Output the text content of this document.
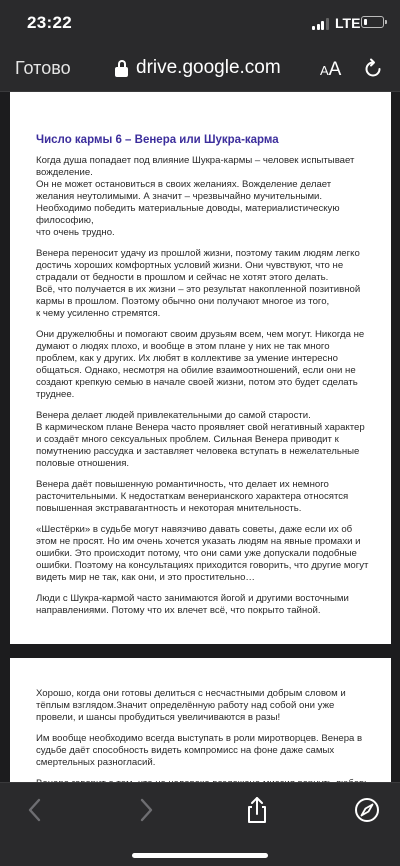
23:22	LTE
Готово	drive.google.com	AA
Число кармы 6 – Венера или Шукра-карма

Когда душа попадает под влияние Шукра-кармы – человек испытывает вожделение.
Он не может остановиться в своих желаниях. Вожделение делает желания неутолимыми. А значит – чрезвычайно мучительными. Необходимо победить материальные доводы, материалистическую философию,
что очень трудно.

Венера переносит удачу из прошлой жизни, поэтому таким людям легко достичь хороших комфортных условий жизни. Они чувствуют, что не страдали от бедности в прошлом и сейчас не хотят этого делать.
Всё, что получается в их жизни – это результат накопленной позитивной кармы в прошлом. Поэтому обычно они получают многое из того,
к чему усиленно стремятся.

Они дружелюбны и помогают своим друзьям всем, чем могут. Никогда не думают о людях плохо, и вообще в этом плане у них не так много проблем, как у других. Их любят в коллективе за умение интересно общаться. Однако, несмотря на обилие взаимоотношений, если они не создают крепкую семью в начале своей жизни, потом это будет сделать труднее.

Венера делает людей привлекательными до самой старости.
В кармическом плане Венера часто проявляет свой негативный характер и создаёт много сексуальных проблем. Сильная Венера приводит к помутнению рассудка и заставляет человека вступать в нежелательные половые отношения.

Венера даёт повышенную романтичность, что делает их немного расточительными. К недостаткам венерианского характера относятся повышенная экстравагантность и некоторая мнительность.

«Шестёрки» в судьбе могут навязчиво давать советы, даже если их об этом не просят. Но им очень хочется указать людям на явные промахи и ошибки. Это происходит потому, что они сами уже допускали подобные ошибки. Поэтому на консультациях приходится говорить, что другие могут видеть мир не так, как они, и это простительно…

Люди с Шукра-кармой часто занимаются йогой и другими восточными направлениями. Потому что их влечет всё, что покрыто тайной.

Хорошо, когда они готовы делиться с несчастными добрым словом и тёплым взглядом.Значит определённую работу над собой они уже провели, и шансы пробудиться увеличиваются в разы!

Им вообще необходимо всегда выступать в роли миротворцев. Венера в судьбе даёт способность видеть компромисс на фоне даже самых смертельных разногласий.
